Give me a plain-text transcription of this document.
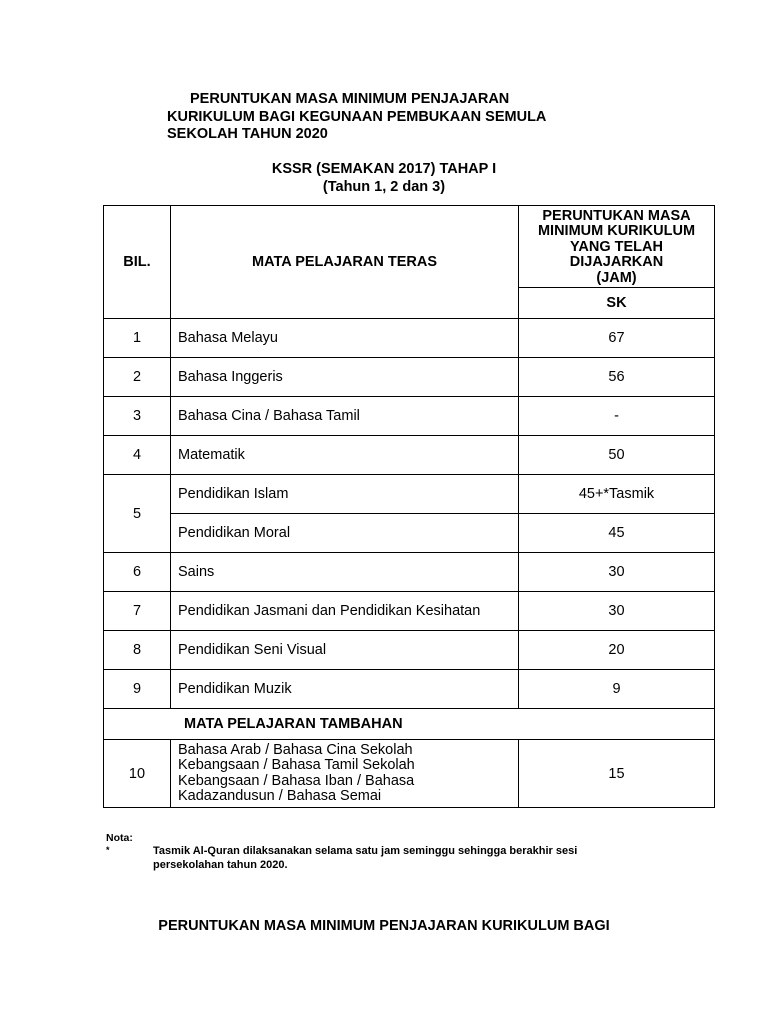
PERUNTUKAN MASA MINIMUM PENJAJARAN
KURIKULUM BAGI KEGUNAAN PEMBUKAAN SEMULA
SEKOLAH TAHUN 2020
KSSR (SEMAKAN 2017) TAHAP I
(Tahun 1, 2 dan 3)
BIL.	MATA PELAJARAN TERAS	PERUNTUKAN MASA
MINIMUM KURIKULUM
YANG TELAH
DIJAJARKAN
(JAM)

		SK
1	Bahasa Melayu	67
2	Bahasa Inggeris	56
3	Bahasa Cina / Bahasa Tamil	-
4	Matematik	50
5	Pendidikan Islam	45+*Tasmik
	Pendidikan Moral	45
6	Sains	30
7	Pendidikan Jasmani dan Pendidikan Kesihatan	30
8	Pendidikan Seni Visual	20
9	Pendidikan Muzik	9
MATA PELAJARAN TAMBAHAN		
10	Bahasa Arab / Bahasa Cina Sekolah
Kebangsaan / Bahasa Tamil Sekolah
Kebangsaan / Bahasa Iban / Bahasa
Kadazandusun / Bahasa Semai	15
Nota:
*	Tasmik Al-Quran dilaksanakan selama satu jam seminggu sehingga berakhir sesi
persekolahan tahun 2020.
PERUNTUKAN MASA MINIMUM PENJAJARAN KURIKULUM BAGI
